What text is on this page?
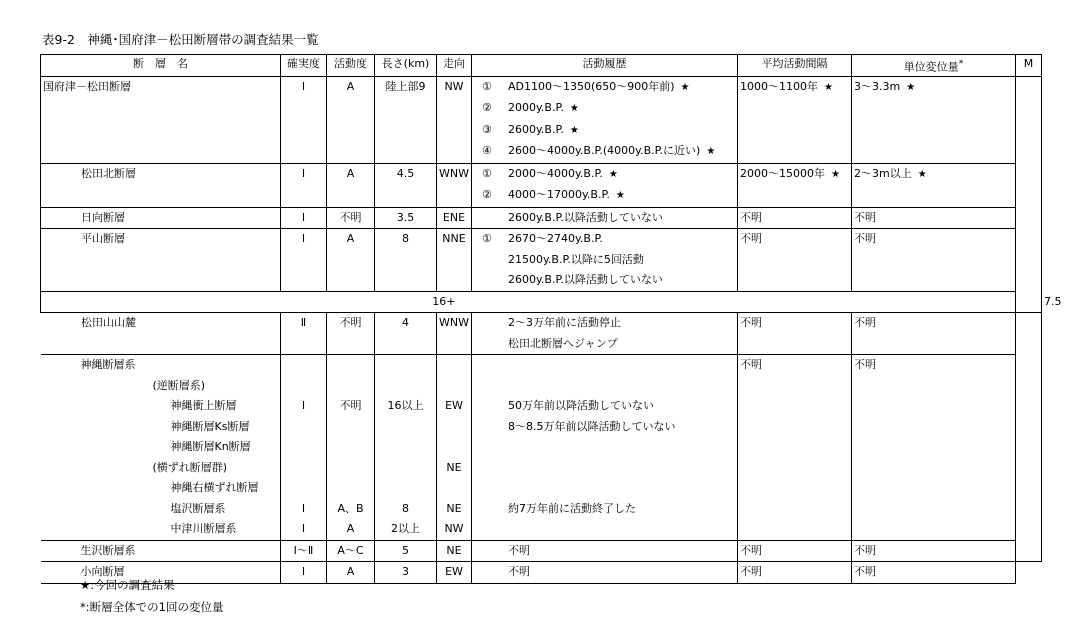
表9-2　神縄･国府津－松田断層帯の調査結果一覧
断　層　名	確実度	活動度	長さ(km)	走向	活動履歴	平均活動間隔	単位変位量*	M	
国府津－松田断層	Ⅰ	A	陸上部9	NW	① AD1100～1350(650～900年前) ★	1000～1100年 ★	3～3.3m ★		
					② 2000y.B.P. ★				
					③ 2600y.B.P. ★				
					④ 2600～4000y.B.P.(4000y.B.P.に近い) ★				
松田北断層	Ⅰ	A	4.5	WNW	① 2000～4000y.B.P. ★	2000～15000年 ★	2～3m以上 ★		
					② 4000～17000y.B.P. ★				
日向断層	Ⅰ	不明	3.5	ENE	2600y.B.P.以降活動していない	不明	不明		
平山断層	Ⅰ	A	8	NNE	① 2670～2740y.B.P.	不明	不明		
					21500y.B.P.以降に5回活動				
					2600y.B.P.以降活動していない				
	16+								7.5
松田山山麓	Ⅱ	不明	4	WNW	2～3万年前に活動停止	不明	不明		
					松田北断層へジャンプ				
神縄断層系						不明	不明		
(逆断層系)									
神縄衝上断層	Ⅰ	不明	16以上	EW	50万年前以降活動していない				
神縄断層Ks断層					8～8.5万年前以降活動していない				
神縄断層Kn断層									
(横ずれ断層群)				NE					
神縄右横ずれ断層									
塩沢断層系	Ⅰ	A、B	8	NE	約7万年前に活動終了した				
中津川断層系	Ⅰ	A	2以上	NW					
生沢断層系	Ⅰ～Ⅱ	A～C	5	NE	不明	不明	不明		
小向断層	Ⅰ	A	3	EW	不明	不明	不明		
★:今回の調査結果
*:断層全体での1回の変位量
